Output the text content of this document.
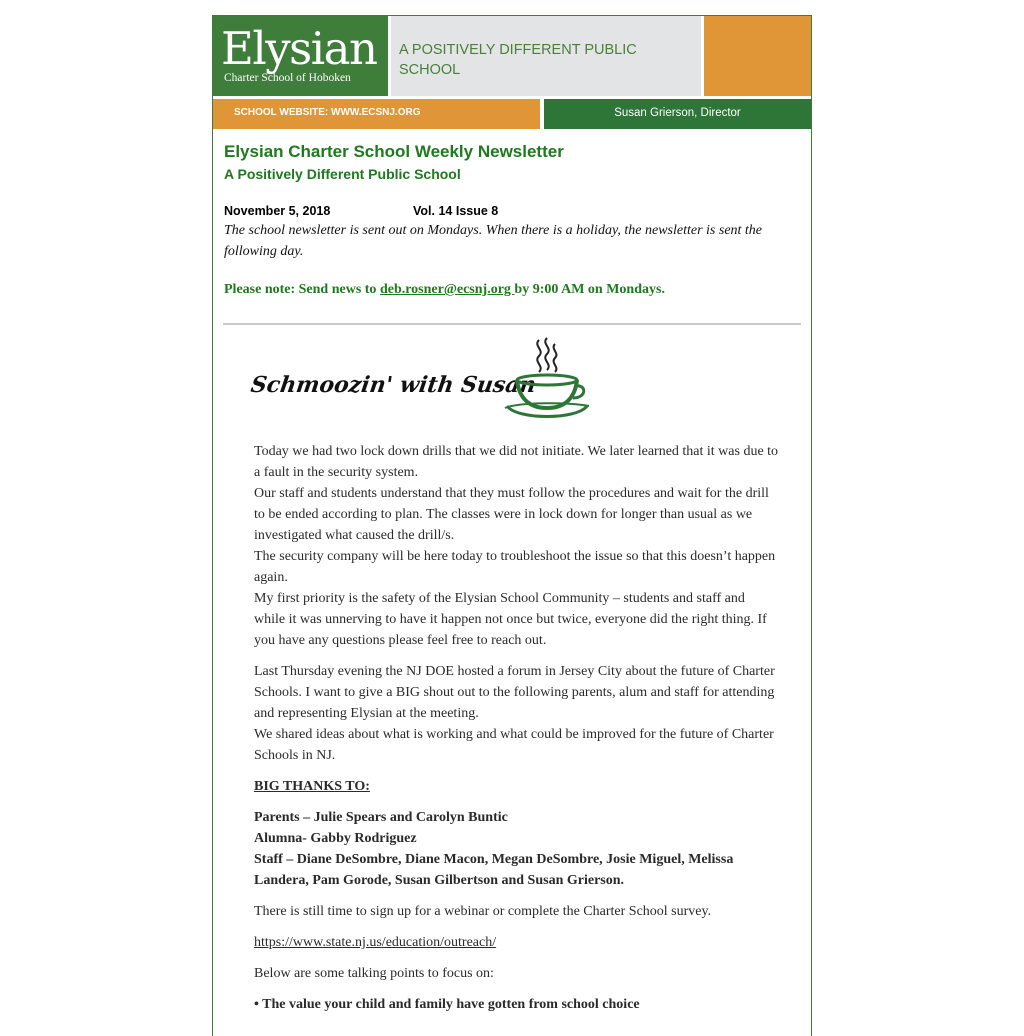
Elysian
Charter School of Hoboken
A POSITIVELY DIFFERENT PUBLIC SCHOOL
SCHOOL WEBSITE: WWW.ECSNJ.ORG	Susan Grierson, Director
Elysian Charter School Weekly Newsletter
A Positively Different Public School
November 5, 2018	Vol. 14 Issue 8

The school newsletter is sent out on Mondays. When there is a holiday, the newsletter is sent the following day.

Please note: Send news to deb.rosner@ecsnj.org by 9:00 AM on Mondays.

Schmoozin' with Susan

Today we had two lock down drills that we did not initiate. We later learned that it was due to a fault in the security system.

Our staff and students understand that they must follow the procedures and wait for the drill to be ended according to plan. The classes were in lock down for longer than usual as we investigated what caused the drill/s.

The security company will be here today to troubleshoot the issue so that this doesn’t happen again.

My first priority is the safety of the Elysian School Community – students and staff and while it was unnerving to have it happen not once but twice, everyone did the right thing. If you have any questions please feel free to reach out.

Last Thursday evening the NJ DOE hosted a forum in Jersey City about the future of Charter Schools. I want to give a BIG shout out to the following parents, alum and staff for attending and representing Elysian at the meeting.

We shared ideas about what is working and what could be improved for the future of Charter Schools in NJ.

BIG THANKS TO:

Parents – Julie Spears and Carolyn Buntic

Alumna- Gabby Rodriguez

Staff – Diane DeSombre, Diane Macon, Megan DeSombre, Josie Miguel, Melissa Landera, Pam Gorode, Susan Gilbertson and Susan Grierson.

There is still time to sign up for a webinar or complete the Charter School survey.

https://www.state.nj.us/education/outreach/

Below are some talking points to focus on:

• The value your child and family have gotten from school choice
